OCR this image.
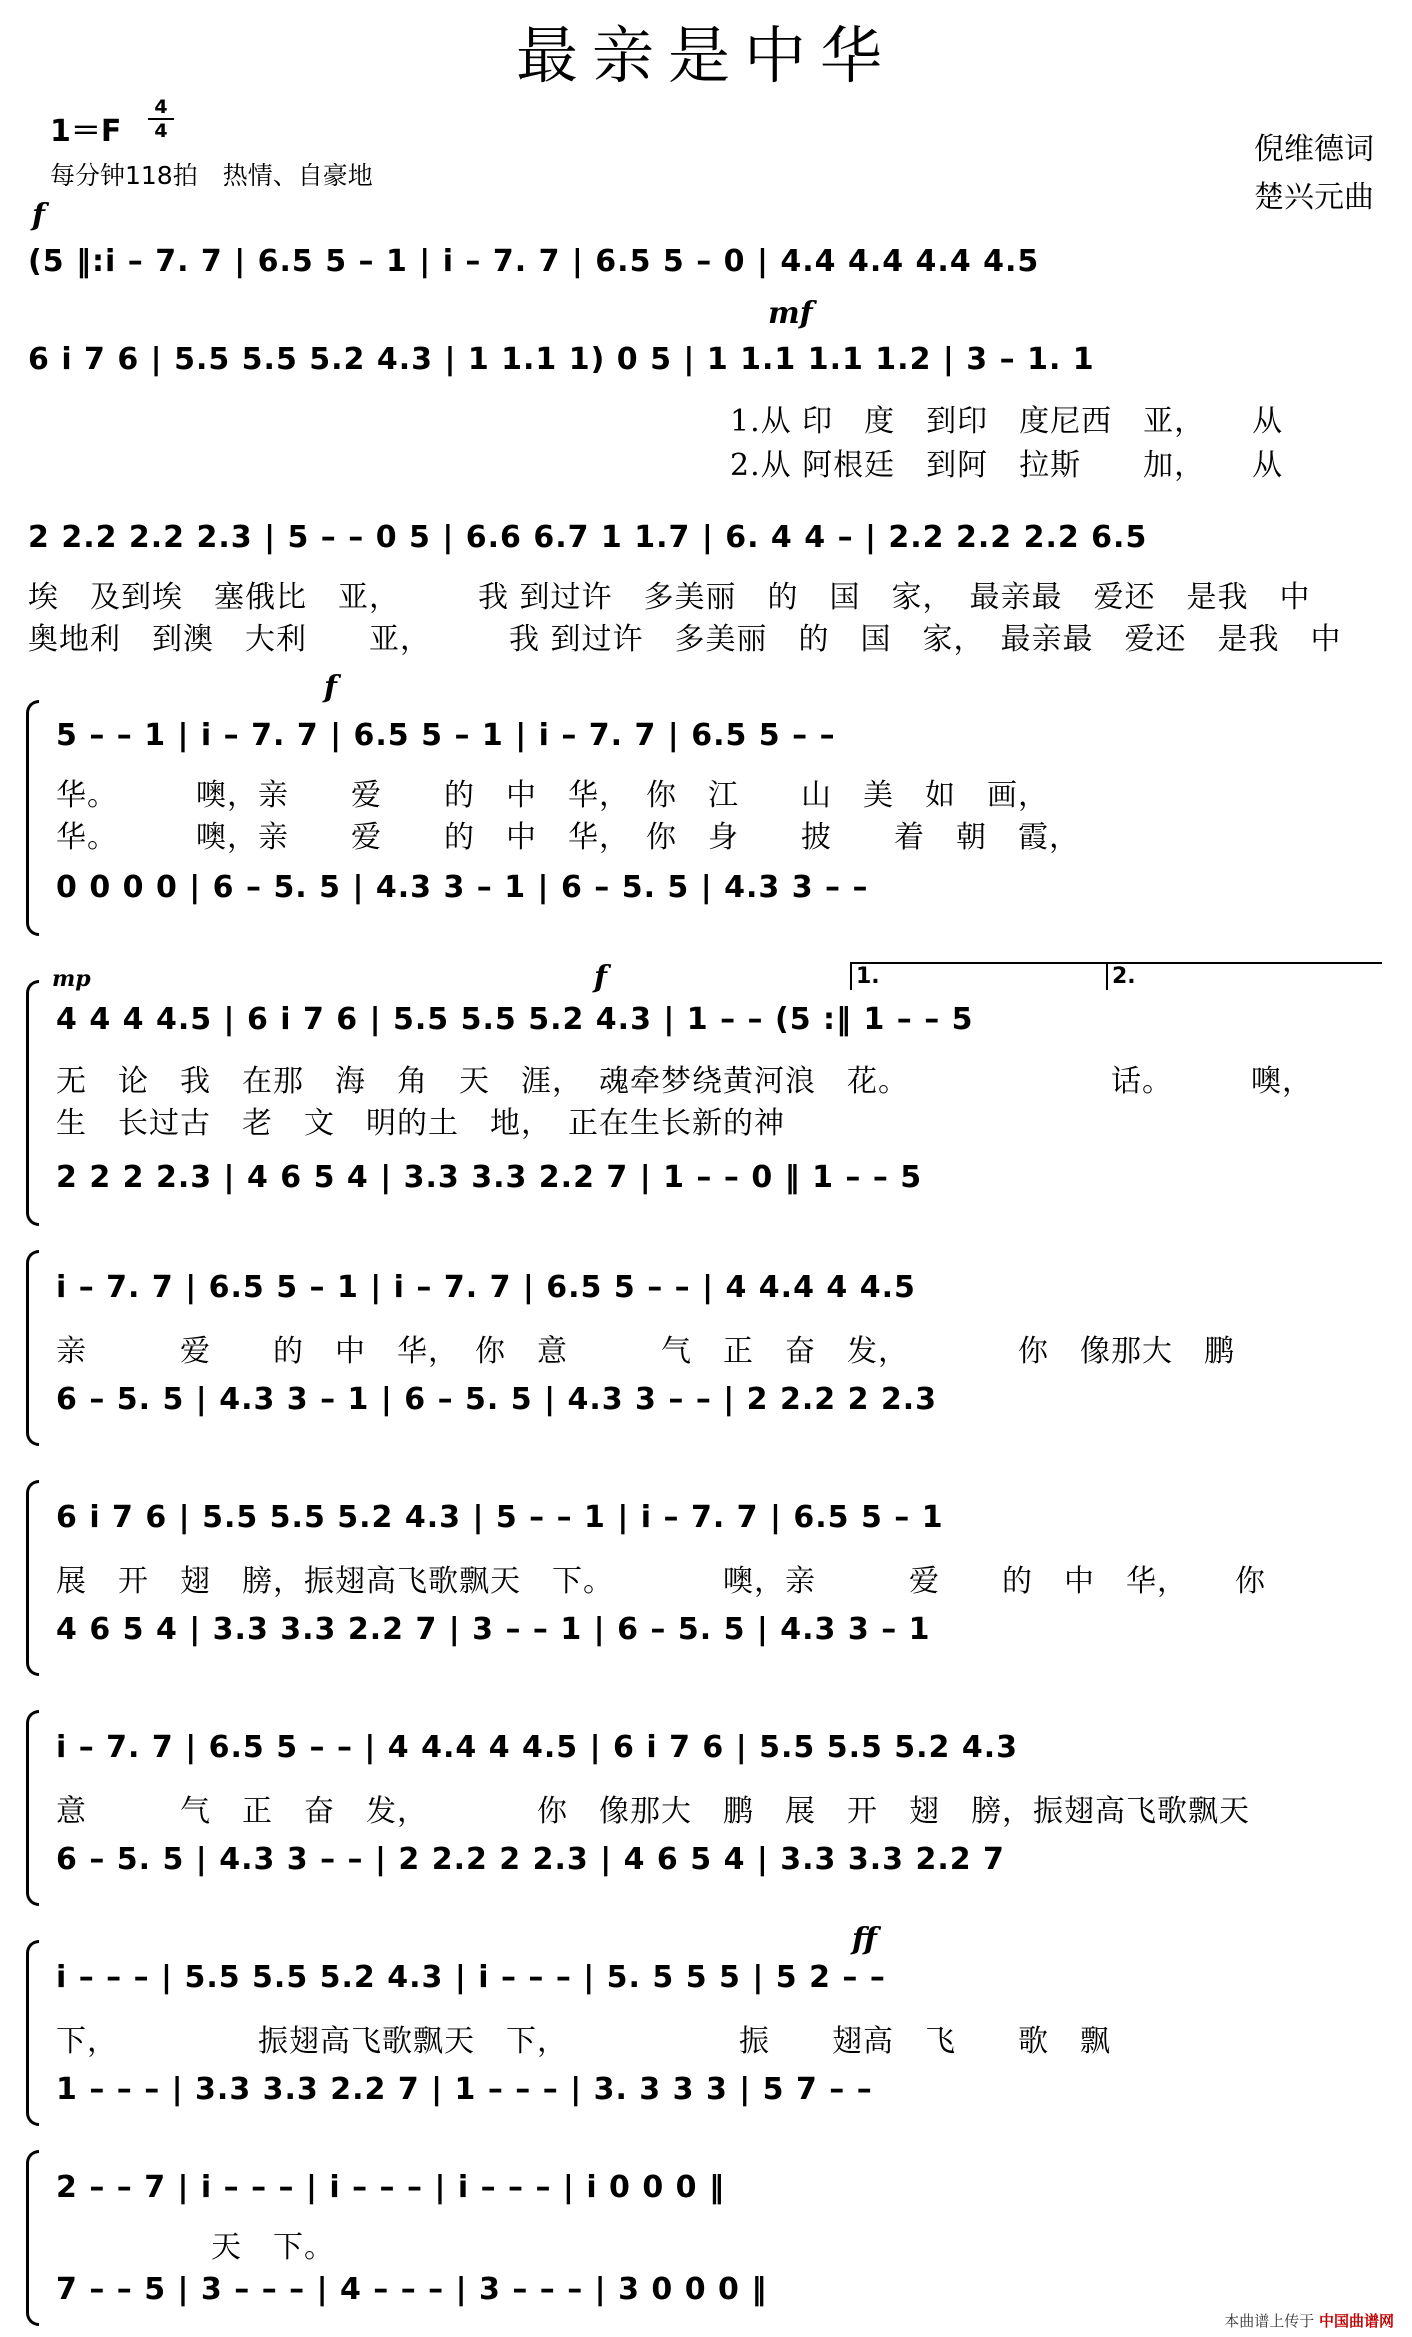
最亲是中华
1＝F
4
4
每分钟118拍　热情、自豪地
倪维德词
楚兴元曲
f
(5 ‖:i – 7. 7 | 6.5 5 – 1 | i – 7. 7 | 6.5 5 – 0 | 4.4 4.4 4.4 4.5
mf
6 i 7 6 | 5.5 5.5 5.2 4.3 | 1 1.1 1) 0 5 | 1 1.1 1.1 1.2 | 3 – 1. 1
1.从 印　度　到印　度尼西　亚，　　从
2.从 阿根廷　到阿　拉斯　　加，　　从
2 2.2 2.2 2.3 | 5 – – 0 5 | 6.6 6.7 1 1.7 | 6. 4 4 – | 2.2 2.2 2.2 6.5
埃　及到埃　塞俄比　亚，　　　我 到过许　多美丽　的　国　家，　最亲最　爱还　是我　中
奥地利　到澳　大利　　亚，　　　我 到过许　多美丽　的　国　家，　最亲最　爱还　是我　中
f
5 – – 1 | i – 7. 7 | 6.5 5 – 1 | i – 7. 7 | 6.5 5 – –
华。　　　噢，亲　　爱　　的　中　华，　你　江　　山　美　如　画，
华。　　　噢，亲　　爱　　的　中　华，　你　身　　披　　着　朝　霞，
0 0 0 0 | 6 – 5. 5 | 4.3 3 – 1 | 6 – 5. 5 | 4.3 3 – –
mp	f	1.	2.
4 4 4 4.5 | 6 i 7 6 | 5.5 5.5 5.2 4.3 | 1 – – (5 :‖ 1 – – 5
无　论　我　在那　海　角　天　涯，　魂牵梦绕黄河浪　花。　　　　　　　话。　　　噢，
生　长过古　老　文　明的土　地，　正在生长新的神
2 2 2 2.3 | 4 6 5 4 | 3.3 3.3 2.2 7 | 1 – – 0 ‖ 1 – – 5
i – 7. 7 | 6.5 5 – 1 | i – 7. 7 | 6.5 5 – – | 4 4.4 4 4.5
亲　　　爱　　的　中　华，　你　意　　　气　正　奋　发，　　　　你　像那大　鹏
6 – 5. 5 | 4.3 3 – 1 | 6 – 5. 5 | 4.3 3 – – | 2 2.2 2 2.3
6 i 7 6 | 5.5 5.5 5.2 4.3 | 5 – – 1 | i – 7. 7 | 6.5 5 – 1
展　开　翅　膀，振翅高飞歌飘天　下。　　　　噢，亲　　　爱　　的　中　华，　　你
4 6 5 4 | 3.3 3.3 2.2 7 | 3 – – 1 | 6 – 5. 5 | 4.3 3 – 1
i – 7. 7 | 6.5 5 – – | 4 4.4 4 4.5 | 6 i 7 6 | 5.5 5.5 5.2 4.3
意　　　气　正　奋　发，　　　　你　像那大　鹏　展　开　翅　膀，振翅高飞歌飘天
6 – 5. 5 | 4.3 3 – – | 2 2.2 2 2.3 | 4 6 5 4 | 3.3 3.3 2.2 7
ff
i – – – | 5.5 5.5 5.2 4.3 | i – – – | 5. 5 5 5 | 5 2 – –
下，　　　　　振翅高飞歌飘天　下，　　　　　　振　　翅高　飞　　歌　飘
1 – – – | 3.3 3.3 2.2 7 | 1 – – – | 3. 3 3 3 | 5 7 – –
2 – – 7 | i – – – | i – – – | i – – – | i 0 0 0 ‖
　　　　　天　下。
7 – – 5 | 3 – – – | 4 – – – | 3 – – – | 3 0 0 0 ‖
本曲谱上传于 中国曲谱网
